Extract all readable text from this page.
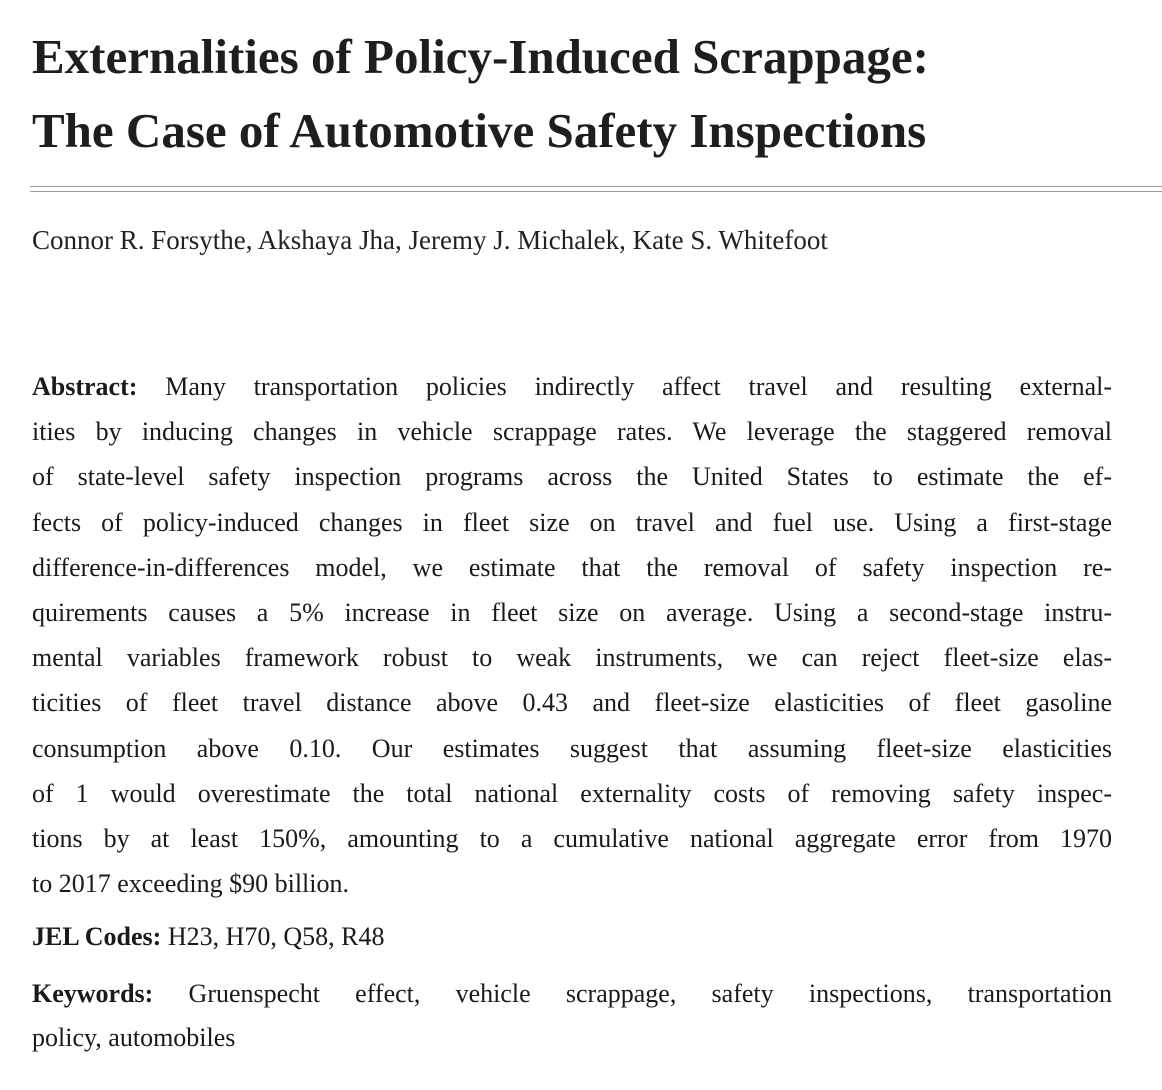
Externalities of Policy-Induced Scrappage:
The Case of Automotive Safety Inspections
Connor R. Forsythe, Akshaya Jha, Jeremy J. Michalek, Kate S. Whitefoot

Abstract: Many transportation policies indirectly affect travel and resulting external-
ities by inducing changes in vehicle scrappage rates. We leverage the staggered removal
of state-level safety inspection programs across the United States to estimate the ef-
fects of policy-induced changes in fleet size on travel and fuel use. Using a first-stage
difference-in-differences model, we estimate that the removal of safety inspection re-
quirements causes a 5% increase in fleet size on average. Using a second-stage instru-
mental variables framework robust to weak instruments, we can reject fleet-size elas-
ticities of fleet travel distance above 0.43 and fleet-size elasticities of fleet gasoline
consumption above 0.10. Our estimates suggest that assuming fleet-size elasticities
of 1 would overestimate the total national externality costs of removing safety inspec-
tions by at least 150%, amounting to a cumulative national aggregate error from 1970
to 2017 exceeding $90 billion.

JEL Codes: H23, H70, Q58, R48
Keywords: Gruenspecht effect, vehicle scrappage, safety inspections, transportation
policy, automobiles
